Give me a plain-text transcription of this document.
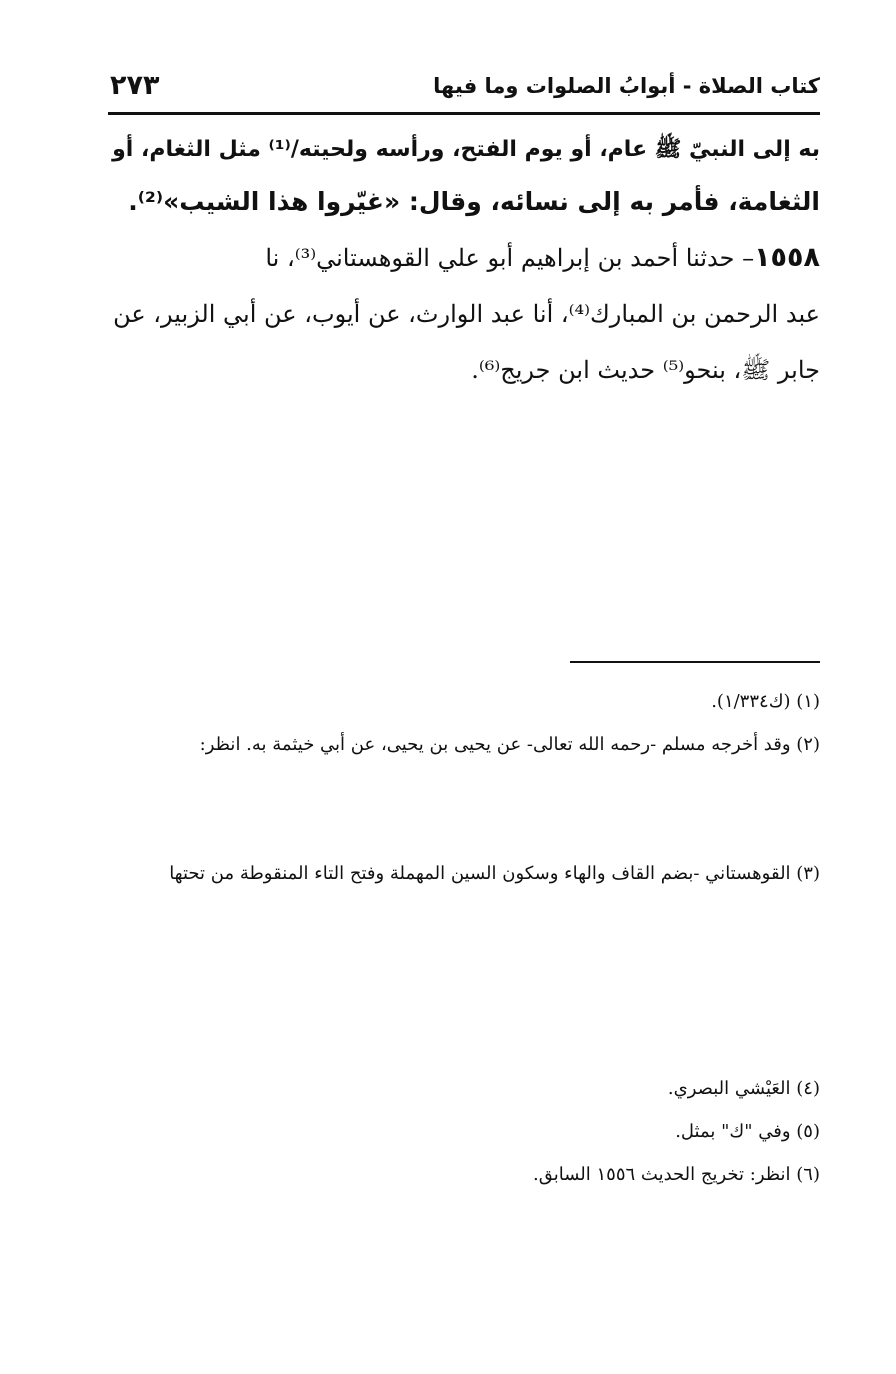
كتاب الصلاة - أبوابُ الصلوات وما فيها
٢٧٣

به إلى النبيّ ﷺ عام، أو يوم الفتح، ورأسه ولحيته/⁽¹⁾ مثل الثغام، أو
الثغامة، فأمر به إلى نسائه، وقال: «غيّروا هذا الشيب»⁽²⁾.

١٥٥٨– حدثنا أحمد بن إبراهيم أبو علي القوهستاني⁽³⁾، نا
عبد الرحمن بن المبارك⁽⁴⁾، أنا عبد الوارث، عن أيوب، عن أبي الزبير، عن
جابر ﷺ، بنحو⁽⁵⁾ حديث ابن جريج⁽⁶⁾.

(١) (ك١/٣٣٤).

(٢) وقد أخرجه مسلم -رحمه الله تعالى- عن يحيى بن يحيى، عن أبي خيثمة به. انظر:

(٣) القوهستاني -بضم القاف والهاء وسكون السين المهملة وفتح التاء المنقوطة من تحتها

(٤) العَيْشي البصري.

(٥) وفي "ك" بمثل.

(٦) انظر: تخريج الحديث ١٥٥٦ السابق.
